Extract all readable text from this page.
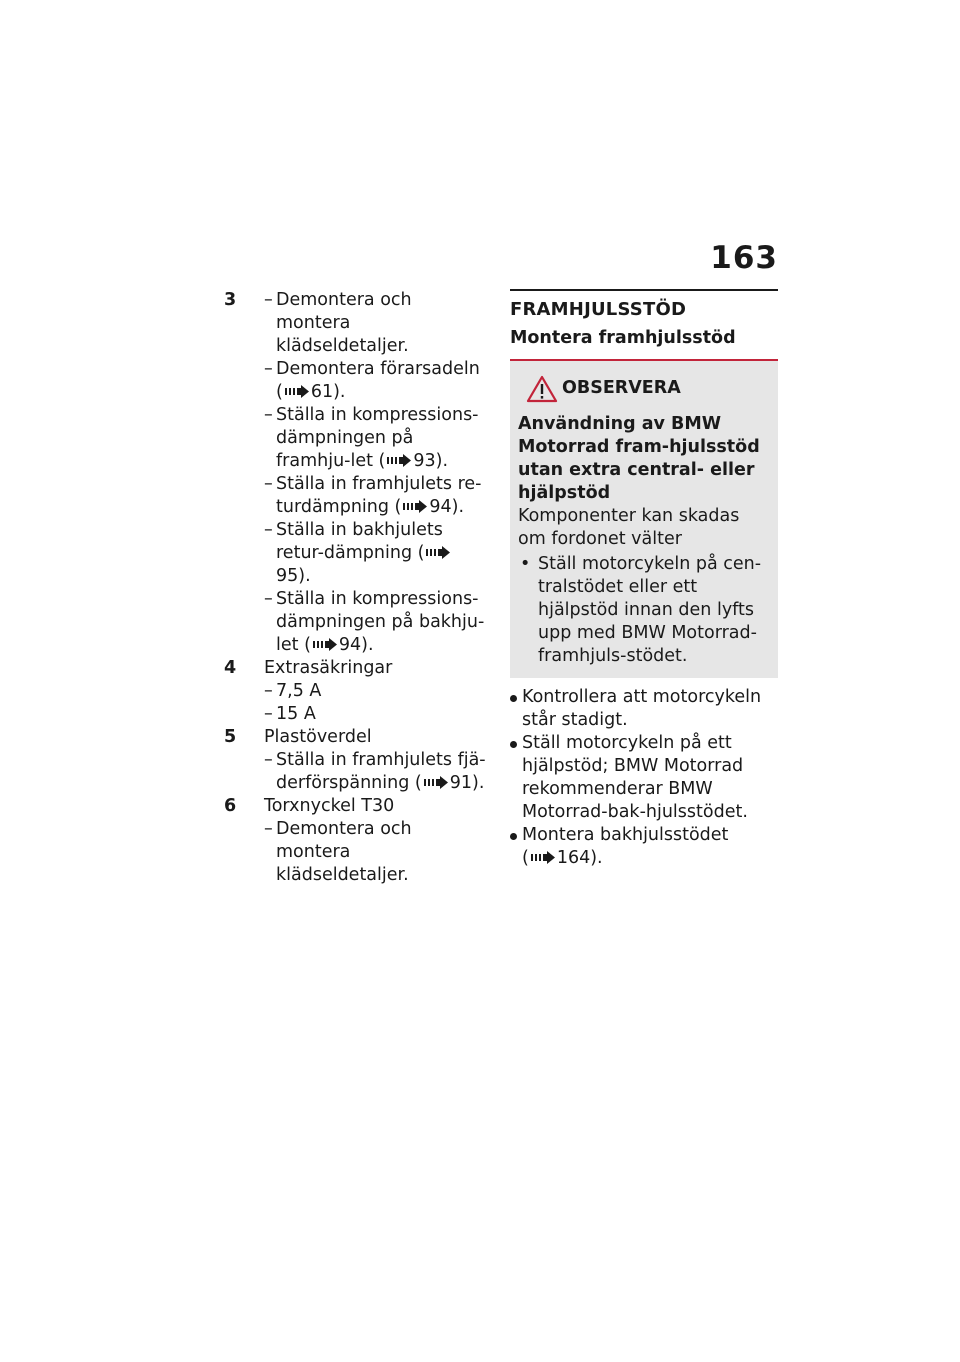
163
3 – Demontera och montera klädseldetaljer.
– Demontera förarsadeln ( 61).
– Ställa in kompressions-dämpningen på framhju-let ( 93).
– Ställa in framhjulets re-turdämpning ( 94).
– Ställa in bakhjulets retur-dämpning (95).
– Ställa in kompressions-dämpningen på bakhju-let ( 94).
4 Extrasäkringar
– 7,5 A
– 15 A
5 Plastöverdel
– Ställa in framhjulets fjä-derförspänning ( 91).
6 Torxnyckel T30
– Demontera och montera klädseldetaljer.
FRAMHJULSSTÖD
Montera framhjulsstöd
OBSERVERA
Användning av BMW Motorrad fram-hjulsstöd utan extra central- eller hjälpstöd
Komponenter kan skadas om fordonet välter
• Ställ motorcykeln på cen-tralstödet eller ett hjälpstöd innan den lyfts upp med BMW Motorrad-framhjuls-stödet.
Kontrollera att motorcykeln står stadigt.
Ställ motorcykeln på ett hjälpstöd; BMW Motorrad rekommenderar BMW Motorrad-bak-hjulsstödet.
Montera bakhjulsstödet
( 164).
